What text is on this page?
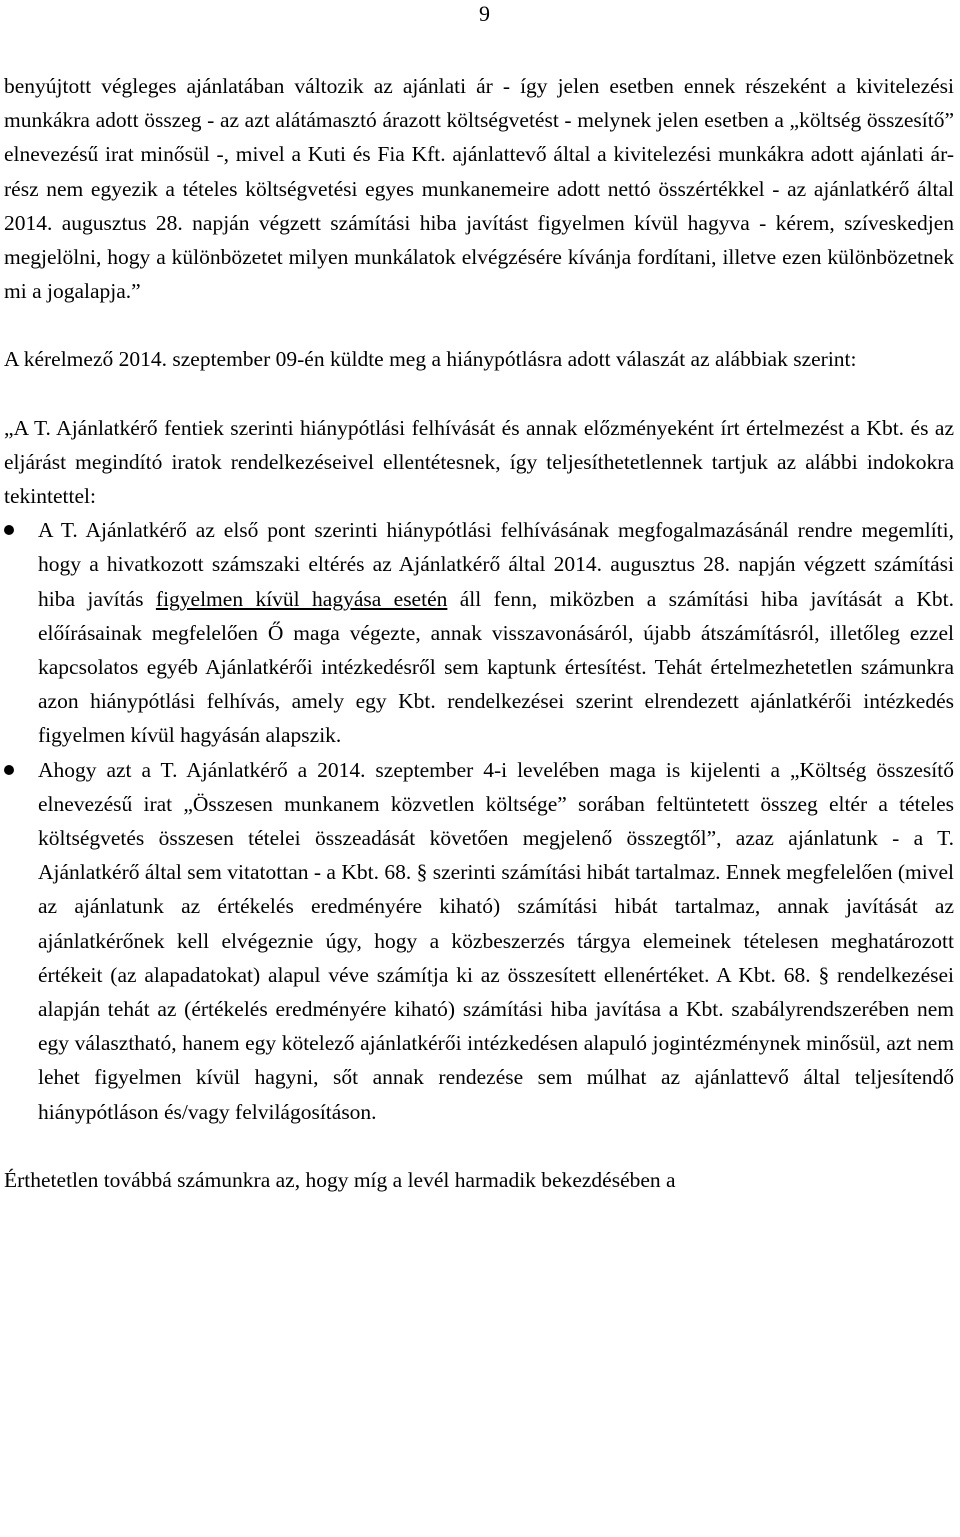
9

benyújtott végleges ajánlatában változik az ajánlati ár - így jelen esetben ennek részeként a kivitelezési munkákra adott összeg - az azt alátámasztó árazott költségvetést - melynek jelen esetben a „költség összesítő” elnevezésű irat minősül -, mivel a Kuti és Fia Kft. ajánlattevő által a kivitelezési munkákra adott ajánlati ár-rész nem egyezik a tételes költségvetési egyes munkanemeire adott nettó összértékkel - az ajánlatkérő által 2014. augusztus 28. napján végzett számítási hiba javítást figyelmen kívül hagyva - kérem, szíveskedjen megjelölni, hogy a különbözetet milyen munkálatok elvégzésére kívánja fordítani, illetve ezen különbözetnek mi a jogalapja.”

A kérelmező 2014. szeptember 09-én küldte meg a hiánypótlásra adott válaszát az alábbiak szerint:

„A T. Ajánlatkérő fentiek szerinti hiánypótlási felhívását és annak előzményeként írt értelmezést a Kbt. és az eljárást megindító iratok rendelkezéseivel ellentétesnek, így teljesíthetetlennek tartjuk az alábbi indokokra tekintettel:

A T. Ajánlatkérő az első pont szerinti hiánypótlási felhívásának megfogalmazásánál rendre megemlíti, hogy a hivatkozott számszaki eltérés az Ajánlatkérő által 2014. augusztus 28. napján végzett számítási hiba javítás figyelmen kívül hagyása esetén áll fenn, miközben a számítási hiba javítását a Kbt. előírásainak megfelelően Ő maga végezte, annak visszavonásáról, újabb átszámításról, illetőleg ezzel kapcsolatos egyéb Ajánlatkérői intézkedésről sem kaptunk értesítést. Tehát értelmezhetetlen számunkra azon hiánypótlási felhívás, amely egy Kbt. rendelkezései szerint elrendezett ajánlatkérői intézkedés figyelmen kívül hagyásán alapszik.
Ahogy azt a T. Ajánlatkérő a 2014. szeptember 4-i levelében maga is kijelenti a „Költség összesítő elnevezésű irat „Összesen munkanem közvetlen költsége” sorában feltüntetett összeg eltér a tételes költségvetés összesen tételei összeadását követően megjelenő összegtől”, azaz ajánlatunk - a T. Ajánlatkérő által sem vitatottan - a Kbt. 68. § szerinti számítási hibát tartalmaz. Ennek megfelelően (mivel az ajánlatunk az értékelés eredményére kiható) számítási hibát tartalmaz, annak javítását az ajánlatkérőnek kell elvégeznie úgy, hogy a közbeszerzés tárgya elemeinek tételesen meghatározott értékeit (az alapadatokat) alapul véve számítja ki az összesített ellenértéket. A Kbt. 68. § rendelkezései alapján tehát az (értékelés eredményére kiható) számítási hiba javítása a Kbt. szabályrendszerében nem egy választható, hanem egy kötelező ajánlatkérői intézkedésen alapuló jogintézménynek minősül, azt nem lehet figyelmen kívül hagyni, sőt annak rendezése sem múlhat az ajánlattevő által teljesítendő hiánypótláson és/vagy felvilágosításon.

Érthetetlen továbbá számunkra az, hogy míg a levél harmadik bekezdésében a
